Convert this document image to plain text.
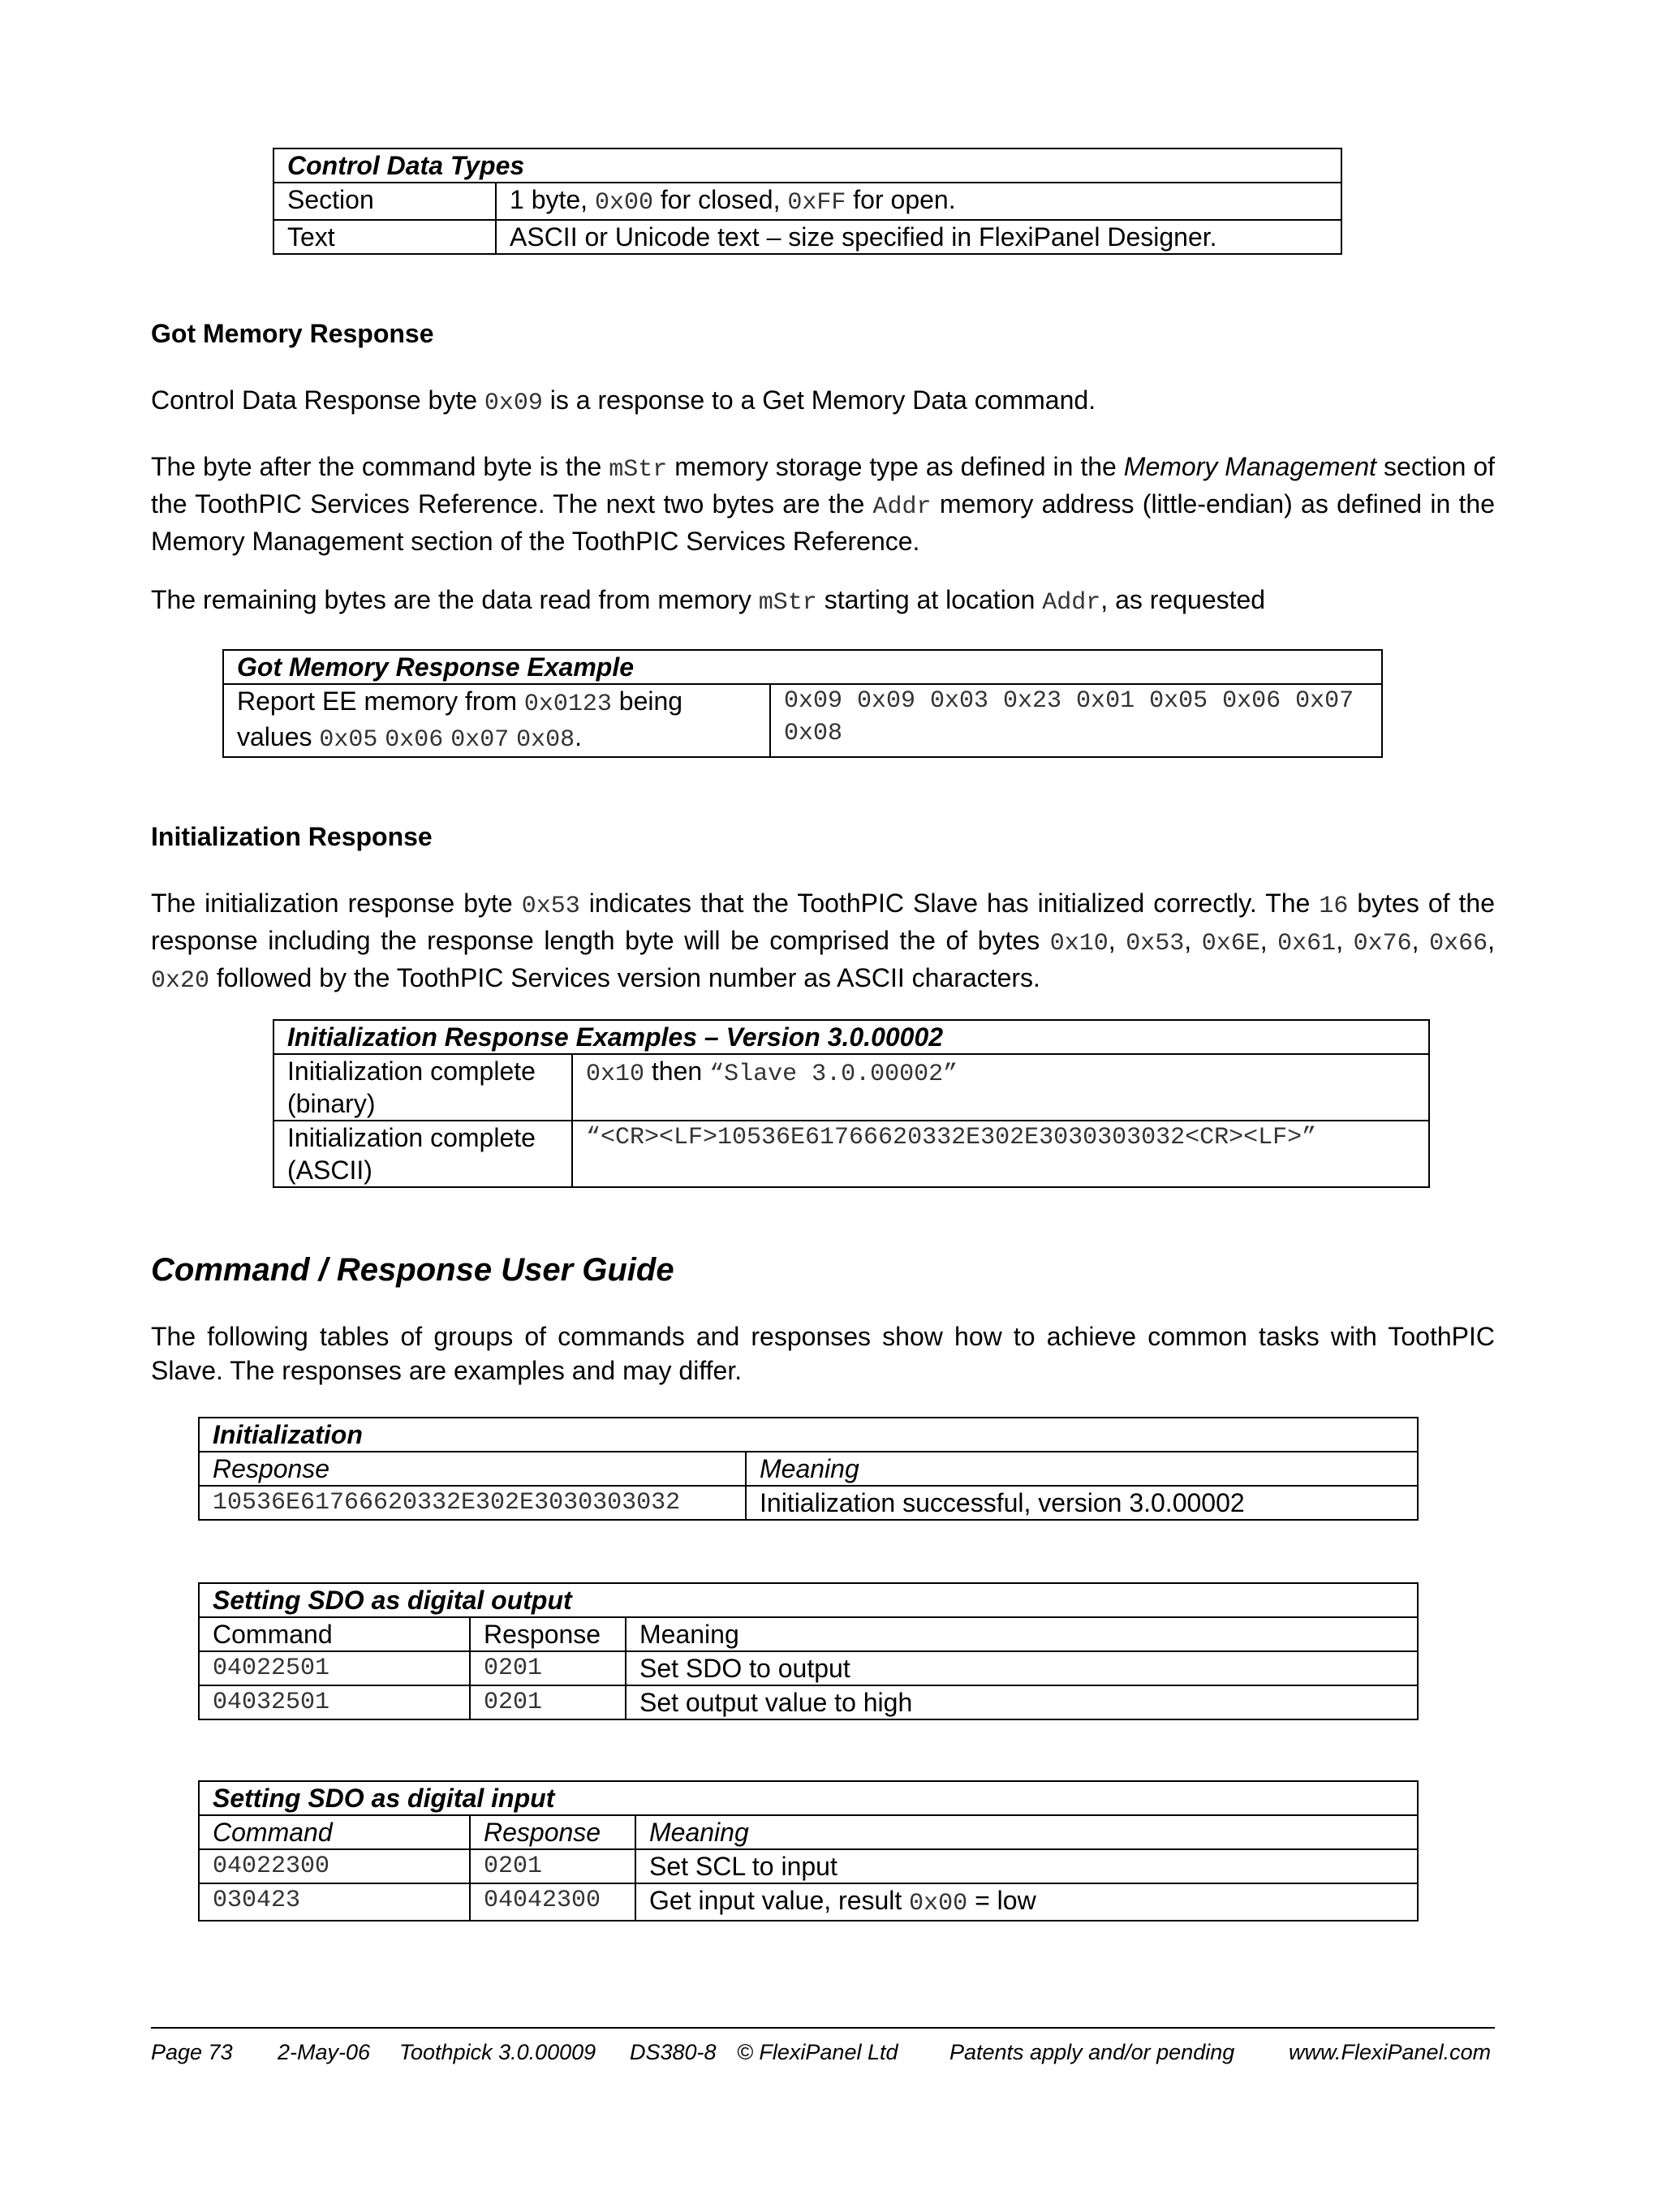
Control Data Types	
Section	1 byte, 0x00 for closed, 0xFF for open.
Text	ASCII or Unicode text – size specified in FlexiPanel Designer.
Got Memory Response

Control Data Response byte 0x09 is a response to a Get Memory Data command.

The byte after the command byte is the mStr memory storage type as defined in the Memory Management section of the ToothPIC Services Reference. The next two bytes are the Addr memory address (little-endian) as defined in the Memory Management section of the ToothPIC Services Reference.

The remaining bytes are the data read from memory mStr starting at location Addr, as requested

Got Memory Response Example
Report EE memory from 0x0123 being values 0x05 0x06 0x07 0x08.	0x09 0x09 0x03 0x23 0x01 0x05 0x06 0x07 0x08
Initialization Response

The initialization response byte 0x53 indicates that the ToothPIC Slave has initialized correctly. The 16 bytes of the response including the response length byte will be comprised the of bytes 0x10, 0x53, 0x6E, 0x61, 0x76, 0x66, 0x20 followed by the ToothPIC Services version number as ASCII characters.

Initialization Response Examples – Version 3.0.00002	
Initialization complete (binary)	0x10 then “Slave 3.0.00002”
Initialization complete (ASCII)	“<CR><LF>10536E61766620332E302E3030303032<CR><LF>”
Command / Response User Guide

The following tables of groups of commands and responses show how to achieve common tasks with ToothPIC Slave. The responses are examples and may differ.

Initialization	
Response	Meaning
10536E61766620332E302E3030303032	Initialization successful, version 3.0.00002
Setting SDO as digital output		
Command	Response	Meaning
04022501	0201	Set SDO to output
04032501	0201	Set output value to high
Setting SDO as digital input		
Command	Response	Meaning
04022300	0201	Set SCL to input
030423	04042300	Get input value, result 0x00 = low
Page 73 2-May-06 Toothpick 3.0.00009 DS380-8 © FlexiPanel Ltd Patents apply and/or pending www.FlexiPanel.com
